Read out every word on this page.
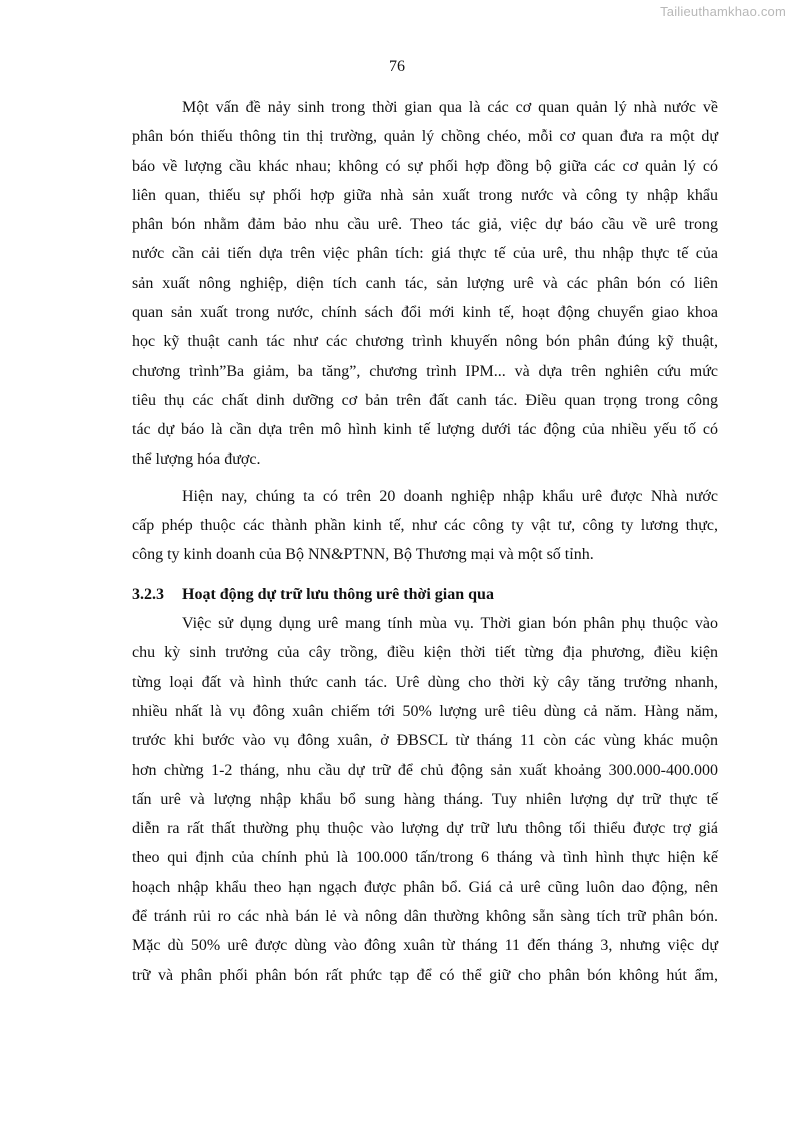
Tailieuthamkhao.com
76
Một vấn đề nảy sinh trong thời gian qua là các cơ quan quản lý nhà nước về
phân bón thiếu thông tin thị trường, quản lý chồng chéo, mỗi cơ quan đưa ra một dự
báo về lượng cầu khác nhau; không có sự phối hợp đồng bộ giữa các cơ quản lý có
liên quan, thiếu sự phối hợp giữa nhà sản xuất trong nước và công ty nhập khẩu
phân bón nhằm đảm bảo nhu cầu urê. Theo tác giả, việc dự báo cầu về urê trong
nước cần cải tiến dựa trên việc phân tích: giá thực tế của urê, thu nhập thực tế của
sản xuất nông nghiệp, diện tích canh tác, sản lượng urê và các phân bón có liên
quan sản xuất trong nước, chính sách đổi mới kinh tế, hoạt động chuyển giao khoa
học kỹ thuật canh tác như các chương trình khuyến nông bón phân đúng kỹ thuật,
chương trình”Ba giảm, ba tăng”, chương trình IPM... và dựa trên nghiên cứu mức
tiêu thụ các chất dinh dưỡng cơ bản trên đất canh tác. Điều quan trọng trong công
tác dự báo là cần dựa trên mô hình kinh tế lượng dưới tác động của nhiều yếu tố có
thể lượng hóa được.
Hiện nay, chúng ta có trên 20 doanh nghiệp nhập khẩu urê được Nhà nước
cấp phép thuộc các thành phần kinh tế, như các công ty vật tư, công ty lương thực,
công ty kinh doanh của Bộ NN&PTNN, Bộ Thương mại và một số tỉnh.
3.2.3 Hoạt động dự trữ lưu thông urê thời gian qua
Việc sử dụng dụng urê mang tính mùa vụ. Thời gian bón phân phụ thuộc vào
chu kỳ sinh trưởng của cây trồng, điều kiện thời tiết từng địa phương, điều kiện
từng loại đất và hình thức canh tác. Urê dùng cho thời kỳ cây tăng trưởng nhanh,
nhiều nhất là vụ đông xuân chiếm tới 50% lượng urê tiêu dùng cả năm. Hàng năm,
trước khi bước vào vụ đông xuân, ở ĐBSCL từ tháng 11 còn các vùng khác muộn
hơn chừng 1-2 tháng, nhu cầu dự trữ để chủ động sản xuất khoảng 300.000-400.000
tấn urê và lượng nhập khẩu bổ sung hàng tháng. Tuy nhiên lượng dự trữ thực tế
diễn ra rất thất thường phụ thuộc vào lượng dự trữ lưu thông tối thiểu được trợ giá
theo qui định của chính phủ là 100.000 tấn/trong 6 tháng và tình hình thực hiện kế
hoạch nhập khẩu theo hạn ngạch được phân bổ. Giá cả urê cũng luôn dao động, nên
để tránh rủi ro các nhà bán lẻ và nông dân thường không sẵn sàng tích trữ phân bón.
Mặc dù 50% urê được dùng vào đông xuân từ tháng 11 đến tháng 3, nhưng việc dự
trữ và phân phối phân bón rất phức tạp để có thể giữ cho phân bón không hút ẩm,
